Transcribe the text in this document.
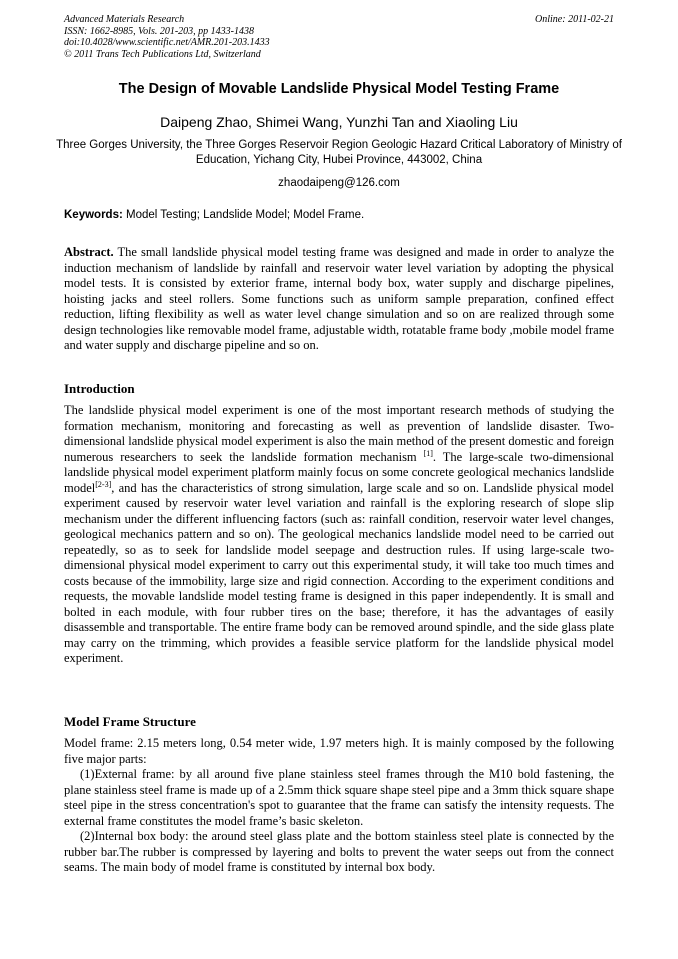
Advanced Materials Research
ISSN: 1662-8985, Vols. 201-203, pp 1433-1438
doi:10.4028/www.scientific.net/AMR.201-203.1433
© 2011 Trans Tech Publications Ltd, Switzerland
Online: 2011-02-21
The Design of Movable Landslide Physical Model Testing Frame
Daipeng Zhao, Shimei Wang, Yunzhi Tan and Xiaoling Liu
Three Gorges University, the Three Gorges Reservoir Region Geologic Hazard Critical Laboratory of Ministry of Education, Yichang City, Hubei Province, 443002, China
zhaodaipeng@126.com
Keywords: Model Testing; Landslide Model; Model Frame.

Abstract. The small landslide physical model testing frame was designed and made in order to analyze the induction mechanism of landslide by rainfall and reservoir water level variation by adopting the physical model tests. It is consisted by exterior frame, internal body box, water supply and discharge pipelines, hoisting jacks and steel rollers. Some functions such as uniform sample preparation, confined effect reduction, lifting flexibility as well as water level change simulation and so on are realized through some design technologies like removable model frame, adjustable width, rotatable frame body ,mobile model frame and water supply and discharge pipeline and so on.

Introduction

The landslide physical model experiment is one of the most important research methods of studying the formation mechanism, monitoring and forecasting as well as prevention of landslide disaster. Two-dimensional landslide physical model experiment is also the main method of the present domestic and foreign numerous researchers to seek the landslide formation mechanism [1]. The large-scale two-dimensional landslide physical model experiment platform mainly focus on some concrete geological mechanics landslide model[2-3], and has the characteristics of strong simulation, large scale and so on. Landslide physical model experiment caused by reservoir water level variation and rainfall is the exploring research of slope slip mechanism under the different influencing factors (such as: rainfall condition, reservoir water level changes, geological mechanics pattern and so on). The geological mechanics landslide model need to be carried out repeatedly, so as to seek for landslide model seepage and destruction rules. If using large-scale two-dimensional physical model experiment to carry out this experimental study, it will take too much times and costs because of the immobility, large size and rigid connection. According to the experiment conditions and requests, the movable landslide model testing frame is designed in this paper independently. It is small and bolted in each module, with four rubber tires on the base; therefore, it has the advantages of easily disassemble and transportable. The entire frame body can be removed around spindle, and the side glass plate may carry on the trimming, which provides a feasible service platform for the landslide physical model experiment.

Model Frame Structure

Model frame: 2.15 meters long, 0.54 meter wide, 1.97 meters high. It is mainly composed by the following five major parts:

(1)External frame: by all around five plane stainless steel frames through the M10 bold fastening, the plane stainless steel frame is made up of a 2.5mm thick square shape steel pipe and a 3mm thick square shape steel pipe in the stress concentration's spot to guarantee that the frame can satisfy the intensity requests. The external frame constitutes the model frame’s basic skeleton.

(2)Internal box body: the around steel glass plate and the bottom stainless steel plate is connected by the rubber bar.The rubber is compressed by layering and bolts to prevent the water seeps out from the connect seams. The main body of model frame is constituted by internal box body.
